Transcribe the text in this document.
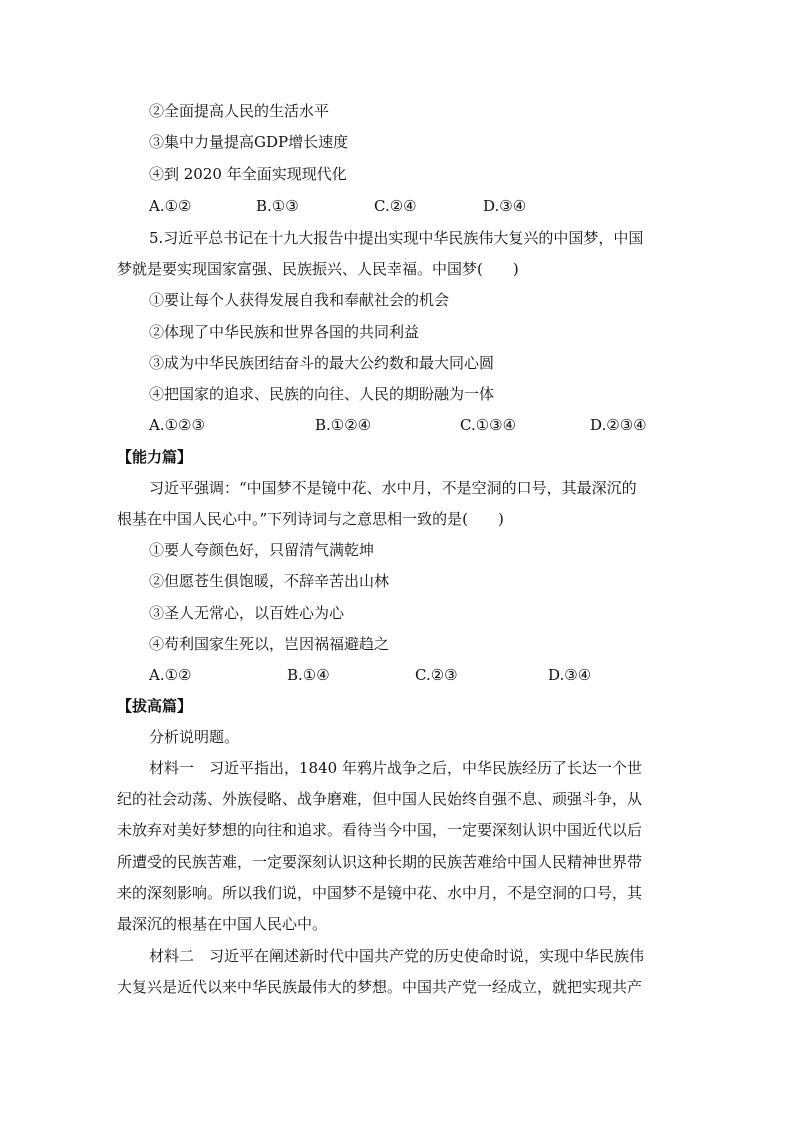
②全面提高人民的生活水平
③集中力量提高GDP增长速度
④到 2020 年全面实现现代化
A.①②	B.①③	C.②④	D.③④
5.习近平总书记在十九大报告中提出实现中华民族伟大复兴的中国梦，中国
梦就是要实现国家富强、民族振兴、人民幸福。中国梦(　　)
①要让每个人获得发展自我和奉献社会的机会
②体现了中华民族和世界各国的共同利益
③成为中华民族团结奋斗的最大公约数和最大同心圆
④把国家的追求、民族的向往、人民的期盼融为一体
A.①②③	B.①②④	C.①③④	D.②③④
【能力篇】
习近平强调：“中国梦不是镜中花、水中月，不是空洞的口号，其最深沉的
根基在中国人民心中。”下列诗词与之意思相一致的是(　　)
①要人夸颜色好，只留清气满乾坤
②但愿苍生俱饱暖，不辞辛苦出山林
③圣人无常心，以百姓心为心
④苟利国家生死以，岂因祸福避趋之
A.①②	B.①④	C.②③	D.③④
【拔高篇】
分析说明题。
材料一　习近平指出，1840 年鸦片战争之后，中华民族经历了长达一个世
纪的社会动荡、外族侵略、战争磨难，但中国人民始终自强不息、顽强斗争，从
未放弃对美好梦想的向往和追求。看待当今中国，一定要深刻认识中国近代以后
所遭受的民族苦难，一定要深刻认识这种长期的民族苦难给中国人民精神世界带
来的深刻影响。所以我们说，中国梦不是镜中花、水中月，不是空洞的口号，其
最深沉的根基在中国人民心中。
材料二　习近平在阐述新时代中国共产党的历史使命时说，实现中华民族伟
大复兴是近代以来中华民族最伟大的梦想。中国共产党一经成立，就把实现共产
